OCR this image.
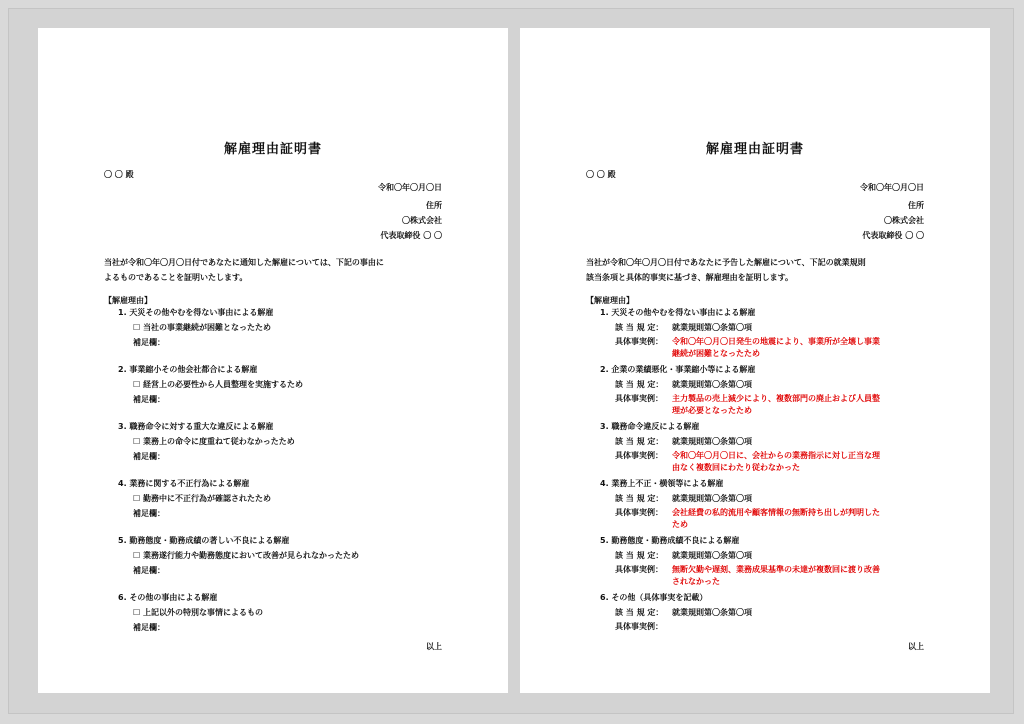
解雇理由証明書
〇 〇 殿
令和〇年〇月〇日
住所
〇株式会社
代表取締役 〇 〇
当社が令和〇年〇月〇日付であなたに通知した解雇については、下記の事由に
よるものであることを証明いたします。
【解雇理由】
1. 天災その他やむを得ない事由による解雇
☐ 当社の事業継続が困難となったため
補足欄：
2. 事業縮小その他会社都合による解雇
☐ 経営上の必要性から人員整理を実施するため
補足欄：
3. 職務命令に対する重大な違反による解雇
☐ 業務上の命令に度重ねて従わなかったため
補足欄：
4. 業務に関する不正行為による解雇
☐ 勤務中に不正行為が確認されたため
補足欄：
5. 勤務態度・勤務成績の著しい不良による解雇
☐ 業務遂行能力や勤務態度において改善が見られなかったため
補足欄：
6. その他の事由による解雇
☐ 上記以外の特別な事情によるもの
補足欄：
以上
解雇理由証明書
〇 〇 殿
令和〇年〇月〇日
住所
〇株式会社
代表取締役 〇 〇
当社が令和〇年〇月〇日付であなたに予告した解雇について、下記の就業規則
該当条項と具体的事実に基づき、解雇理由を証明します。
【解雇理由】
1. 天災その他やむを得ない事由による解雇
該 当 規 定： 就業規則第〇条第〇項
具体事実例： 令和〇年〇月〇日発生の地震により、事業所が全壊し事業
継続が困難となったため
2. 企業の業績悪化・事業縮小等による解雇
該 当 規 定： 就業規則第〇条第〇項
具体事実例： 主力製品の売上減少により、複数部門の廃止および人員整
理が必要となったため
3. 職務命令違反による解雇
該 当 規 定： 就業規則第〇条第〇項
具体事実例： 令和〇年〇月〇日に、会社からの業務指示に対し正当な理
由なく複数回にわたり従わなかった
4. 業務上不正・横領等による解雇
該 当 規 定： 就業規則第〇条第〇項
具体事実例： 会社経費の私的流用や顧客情報の無断持ち出しが判明した
ため
5. 勤務態度・勤務成績不良による解雇
該 当 規 定： 就業規則第〇条第〇項
具体事実例： 無断欠勤や遅刻、業務成果基準の未達が複数回に渡り改善
されなかった
6. その他（具体事実を記載）
該 当 規 定： 就業規則第〇条第〇項
具体事実例：
以上
